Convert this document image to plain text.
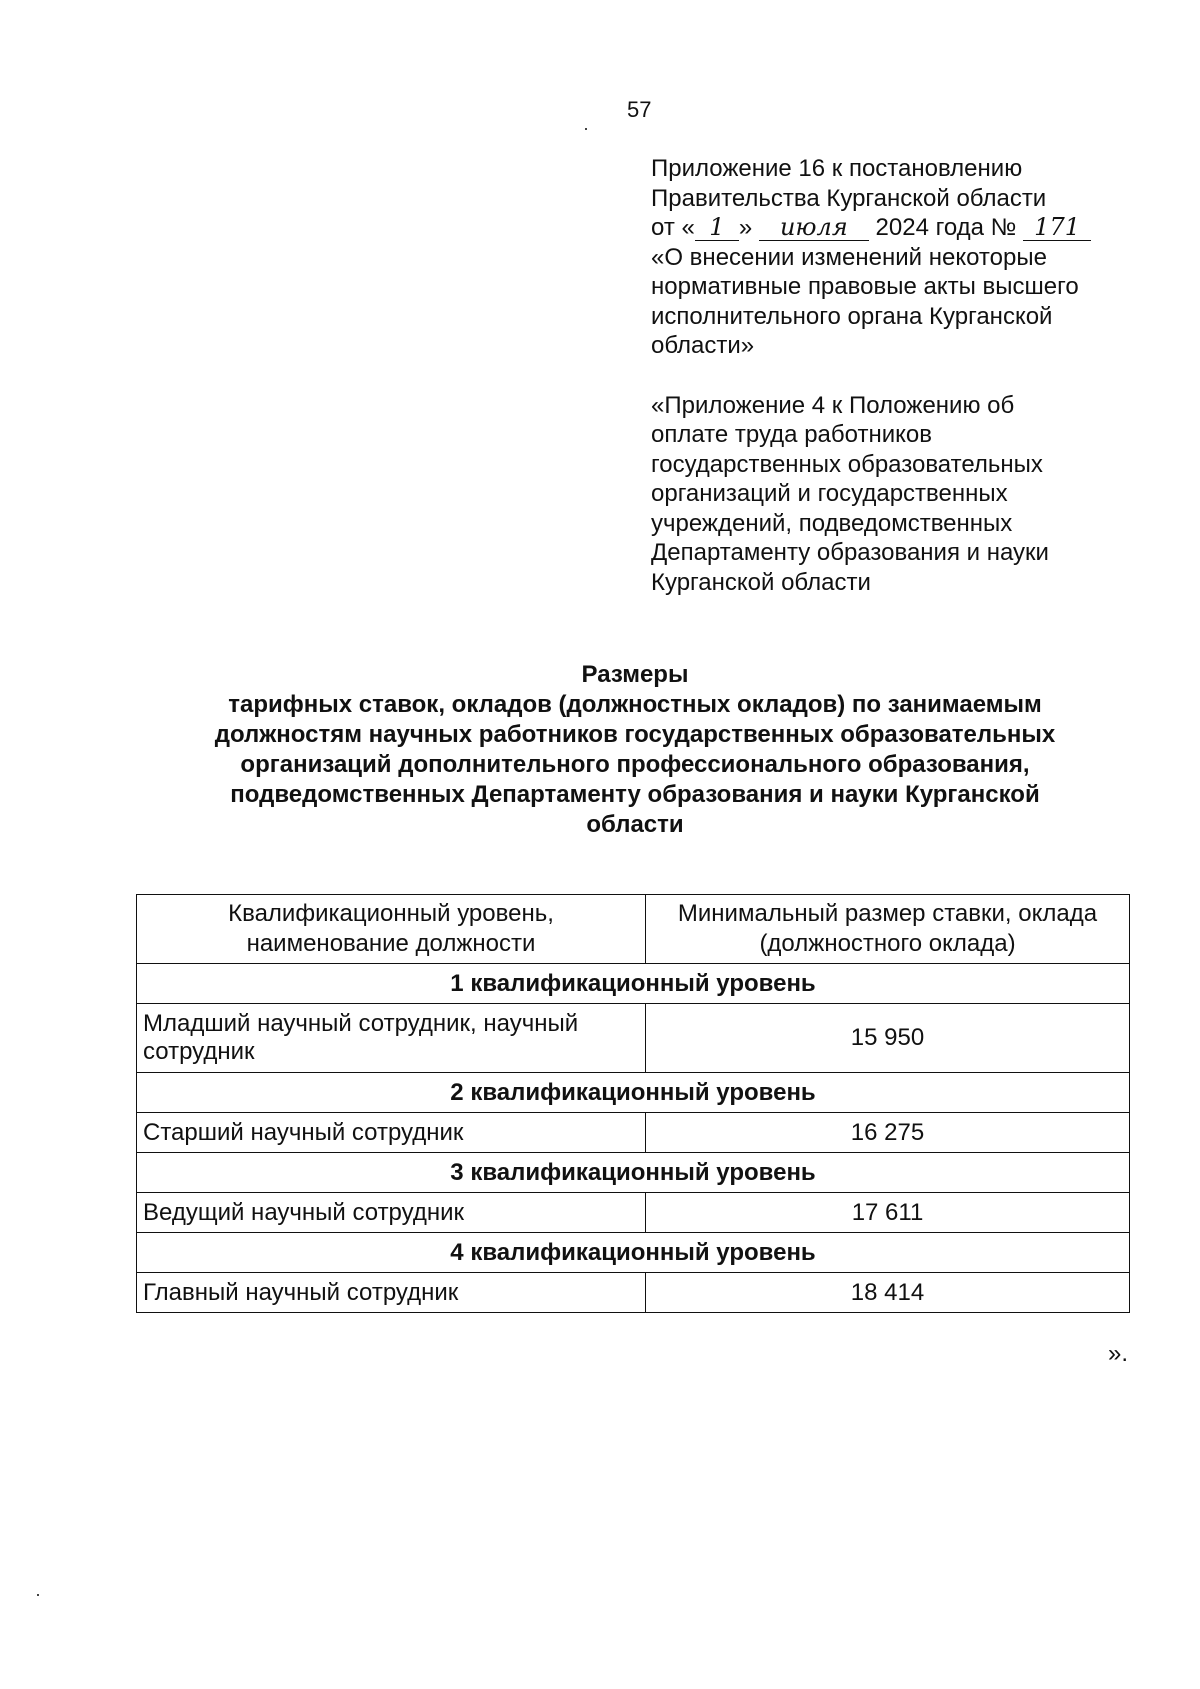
57

Приложение 16 к постановлению

Правительства Курганской области

от « 1 » июля 2024 года № 171

«О внесении изменений некоторые

нормативные правовые акты высшего

исполнительного органа Курганской

области»

«Приложение 4 к Положению об

оплате труда работников

государственных образовательных

организаций и государственных

учреждений, подведомственных

Департаменту образования и науки

Курганской области

Размеры

тарифных ставок, окладов (должностных окладов) по занимаемым

должностям научных работников государственных образовательных

организаций дополнительного профессионального образования,

подведомственных Департаменту образования и науки Курганской

области

Квалификационный уровень,
наименование должности	Минимальный размер ставки, оклада
(должностного оклада)
1 квалификационный уровень	
Младший научный сотрудник, научный
сотрудник	15 950
2 квалификационный уровень	
Старший научный сотрудник	16 275
3 квалификационный уровень	
Ведущий научный сотрудник	17 611
4 квалификационный уровень	
Главный научный сотрудник	18 414
».
